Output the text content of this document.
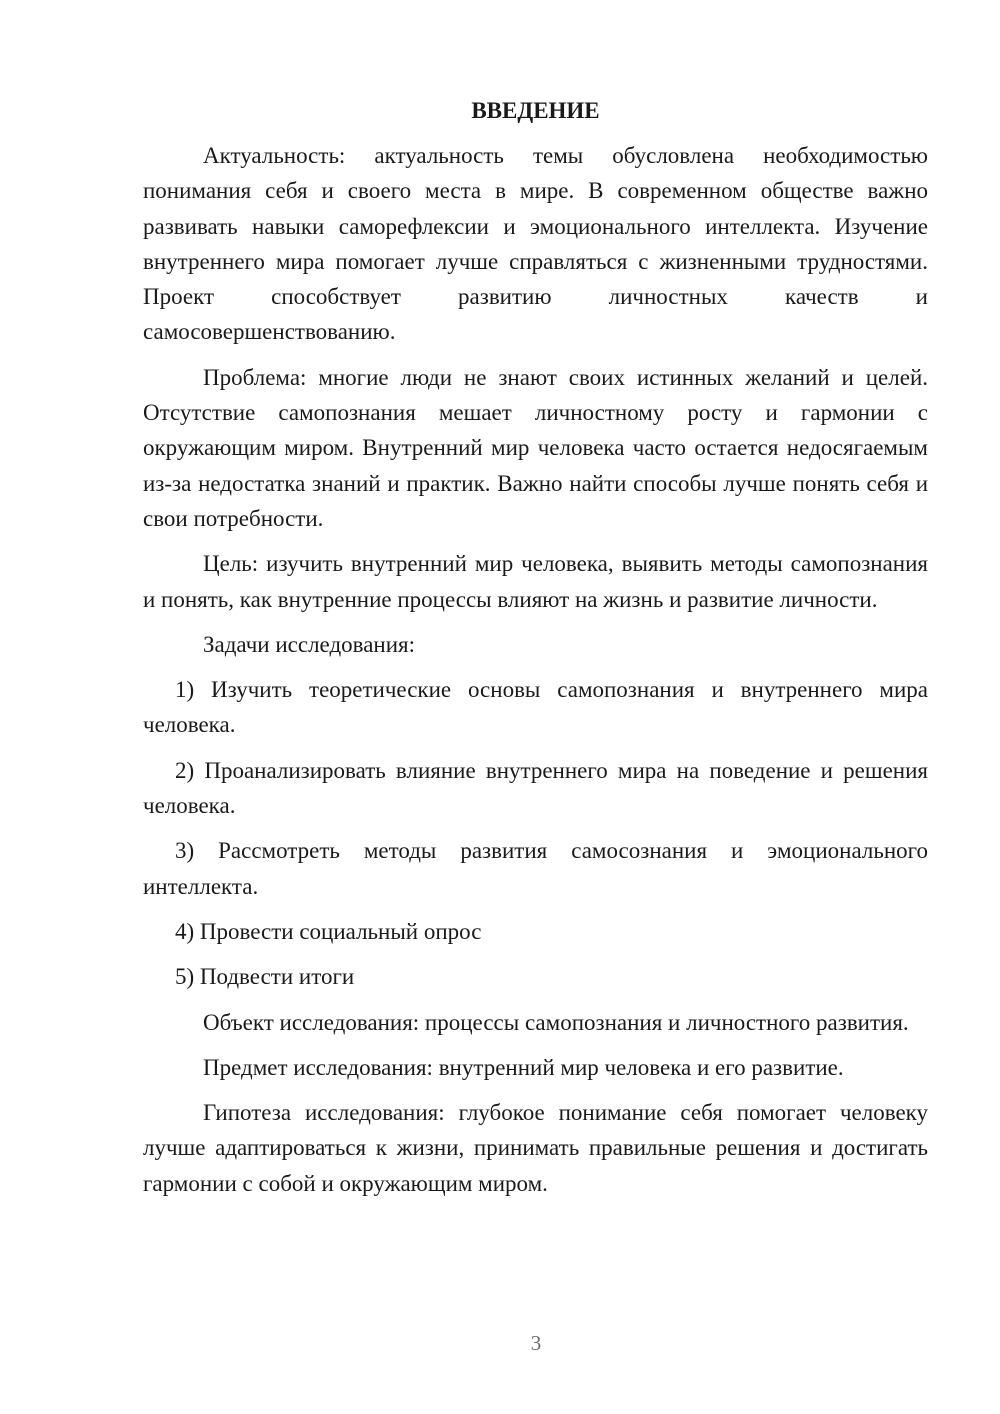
ВВЕДЕНИЕ

Актуальность: актуальность темы обусловлена необходимостью понимания себя и своего места в мире. В современном обществе важно развивать навыки саморефлексии и эмоционального интеллекта. Изучение внутреннего мира помогает лучше справляться с жизненными трудностями. Проект способствует развитию личностных качеств и самосовершенствованию.

Проблема: многие люди не знают своих истинных желаний и целей. Отсутствие самопознания мешает личностному росту и гармонии с окружающим миром. Внутренний мир человека часто остается недосягаемым из-за недостатка знаний и практик. Важно найти способы лучше понять себя и свои потребности.

Цель: изучить внутренний мир человека, выявить методы самопознания и понять, как внутренние процессы влияют на жизнь и развитие личности.

Задачи исследования:

1) Изучить теоретические основы самопознания и внутреннего мира человека.

2) Проанализировать влияние внутреннего мира на поведение и решения человека.

3) Рассмотреть методы развития самосознания и эмоционального интеллекта.

4) Провести социальный опрос

5) Подвести итоги

Объект исследования: процессы самопознания и личностного развития.

Предмет исследования: внутренний мир человека и его развитие.

Гипотеза исследования: глубокое понимание себя помогает человеку лучше адаптироваться к жизни, принимать правильные решения и достигать гармонии с собой и окружающим миром.

3
